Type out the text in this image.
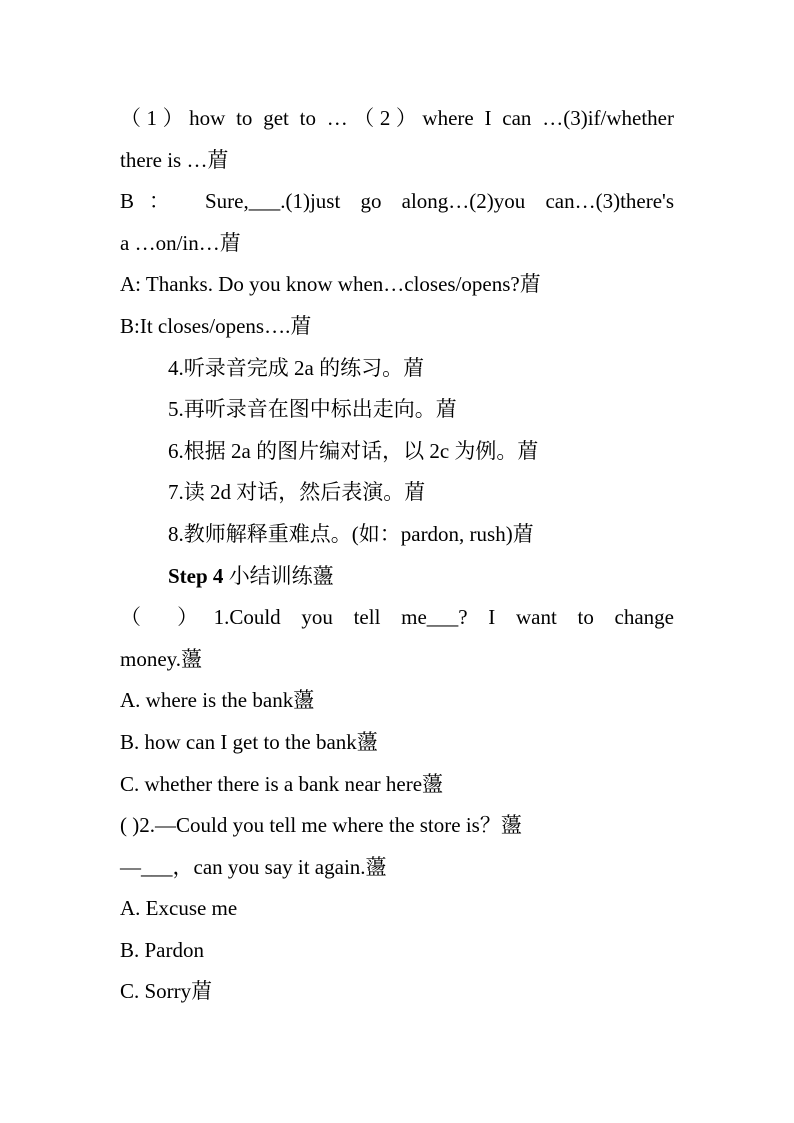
（1）how to get to …（2）where I can …(3)if/whether
there is …葿
B： Sure,___.(1)just go along…(2)you can…(3)there's
a …on/in…葿
A: Thanks. Do you know when…closes/opens?葿
B:It closes/opens….葿
4.听录音完成 2a 的练习。葿
5.再听录音在图中标出走向。葿
6.根据 2a 的图片编对话，以 2c 为例。葿
7.读 2d 对话，然后表演。葿
8.教师解释重难点。(如：pardon, rush)葿
Step 4 小结训练蘯
（ ）1.Could you tell me___? I want to change
money.蘯
A. where is the bank蘯
B. how can I get to the bank蘯
C. whether there is a bank near here蘯
( )2.—Could you tell me where the store is？蘯
—___，can you say it again.蘯
A. Excuse me
B. Pardon
C. Sorry葿
